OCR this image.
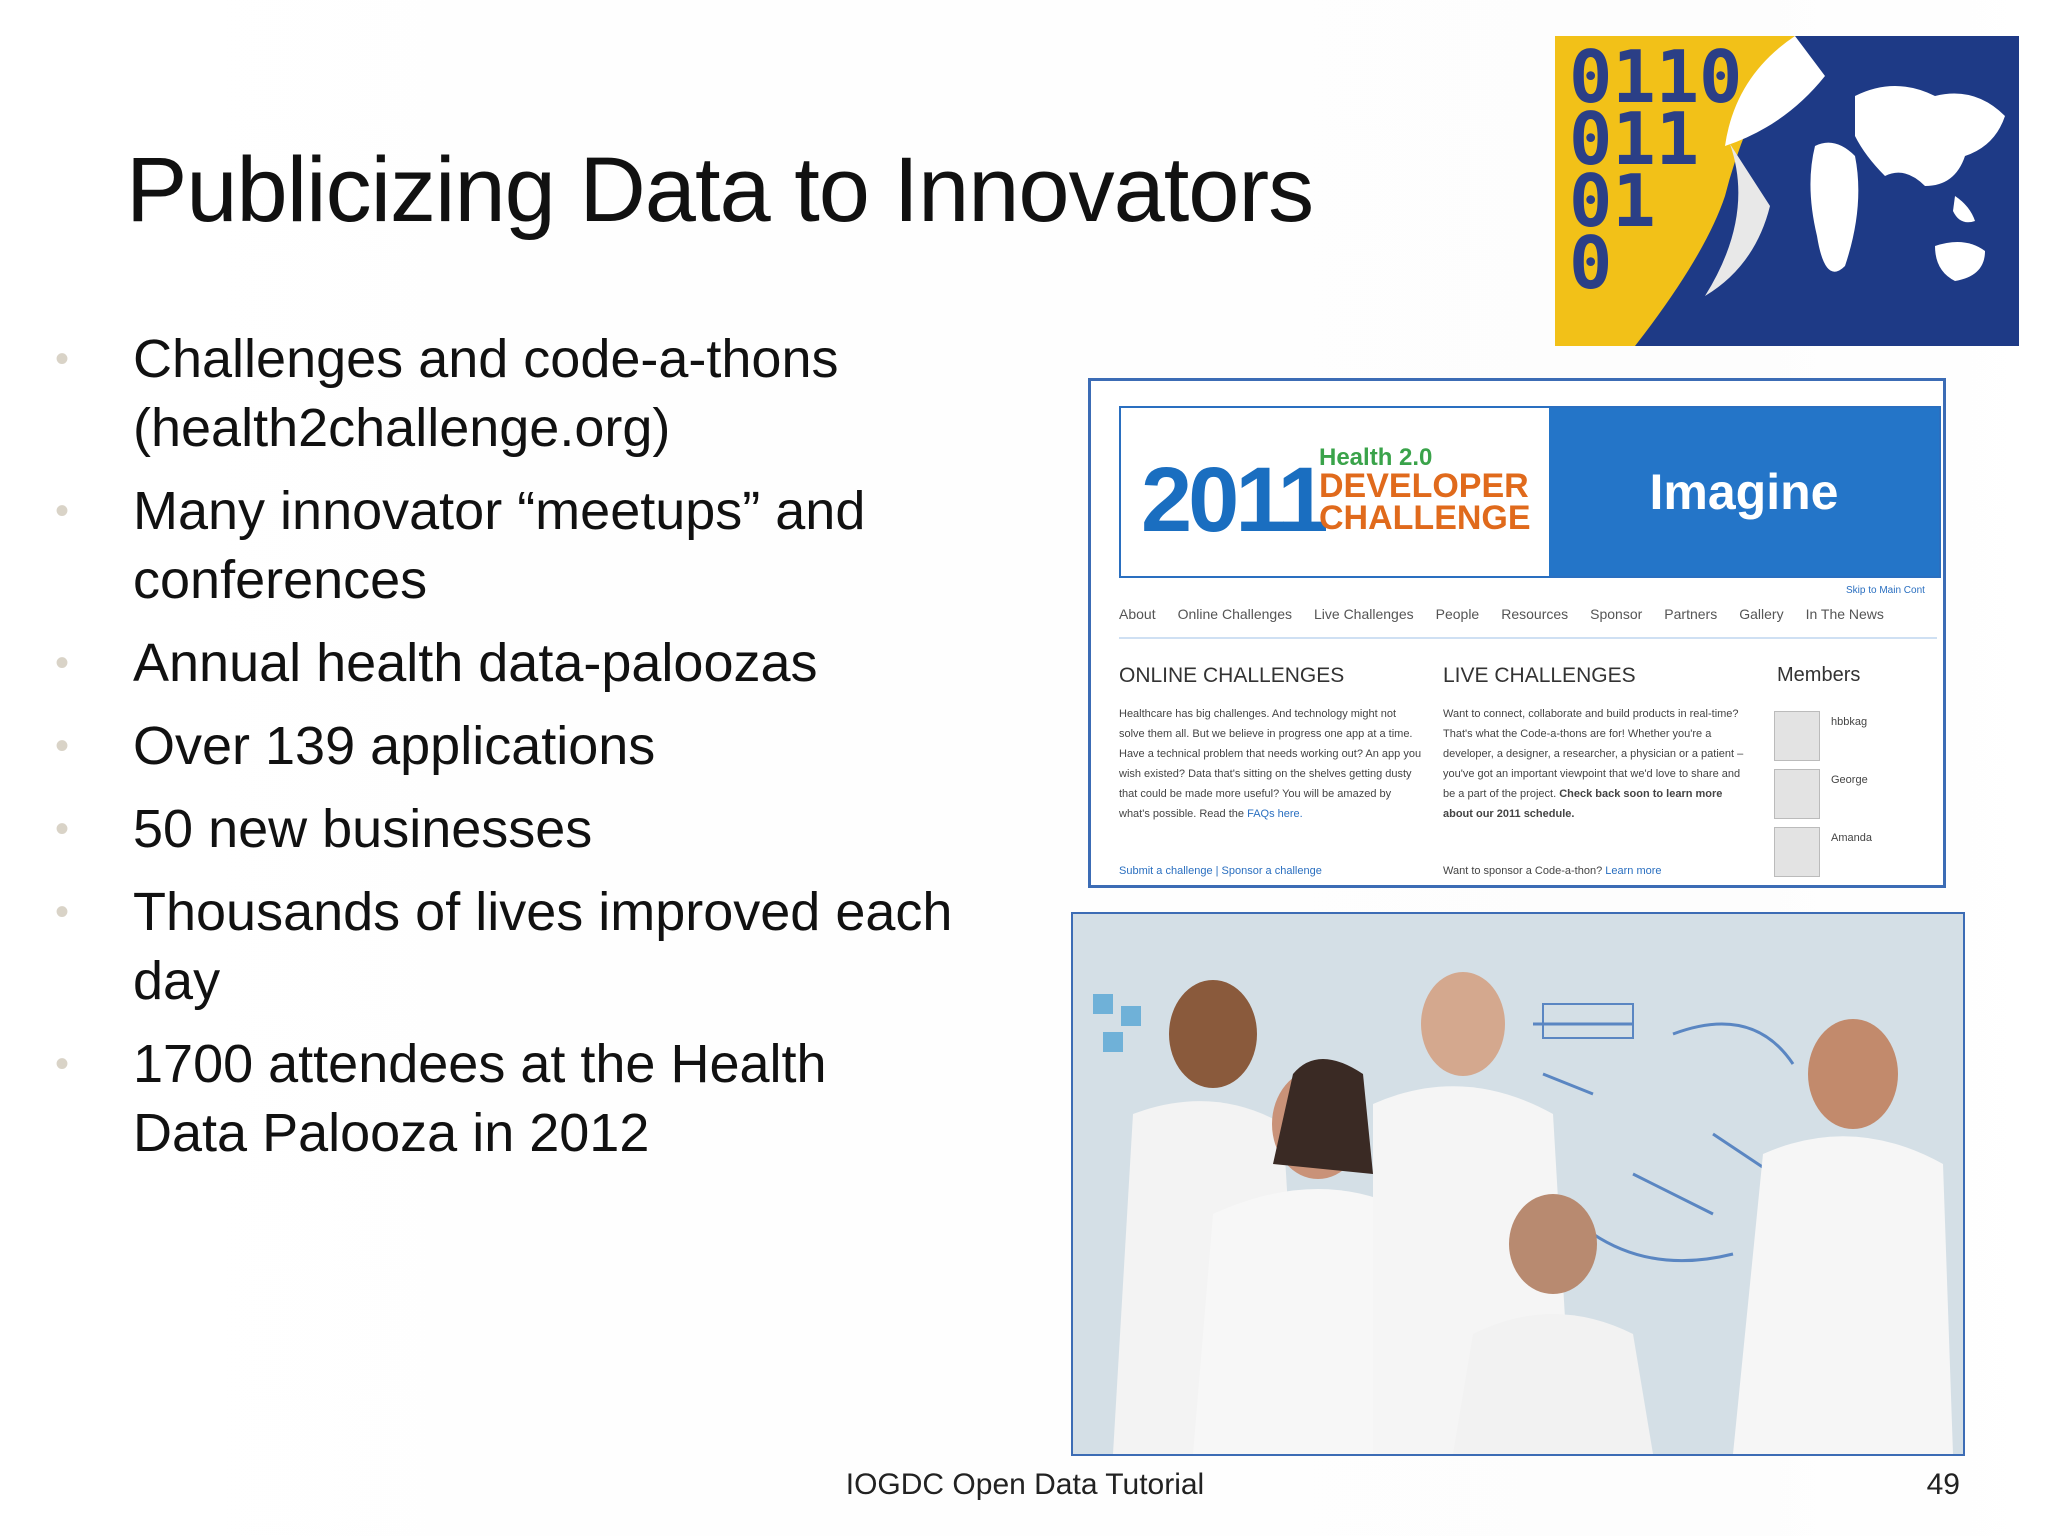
Publicizing Data to Innovators
• Challenges and code-a-thons (health2challenge.org)
• Many innovator “meetups” and conferences
• Annual health data-paloozas
• Over 139 applications
• 50 new businesses
• Thousands of lives improved each day
• 1700 attendees at the Health Data Palooza in 2012
0110
011
01
0
2011
Health 2.0
DEVELOPER
CHALLENGE	Imagine
Skip to Main Cont
About Online Challenges Live Challenges People Resources Sponsor Partners Gallery In The News
ONLINE CHALLENGES
Healthcare has big challenges. And technology might not solve them all. But we believe in progress one app at a time. Have a technical problem that needs working out? An app you wish existed? Data that's sitting on the shelves getting dusty that could be made more useful? You will be amazed by what's possible. Read the FAQs here.
Submit a challenge | Sponsor a challenge
LIVE CHALLENGES
Want to connect, collaborate and build products in real-time? That's what the Code-a-thons are for! Whether you're a developer, a designer, a researcher, a physician or a patient – you've got an important viewpoint that we'd love to share and be a part of the project. Check back soon to learn more about our 2011 schedule.
Want to sponsor a Code-a-thon? Learn more
Members
hbbkag
George
Amanda
IOGDC Open Data Tutorial	49
